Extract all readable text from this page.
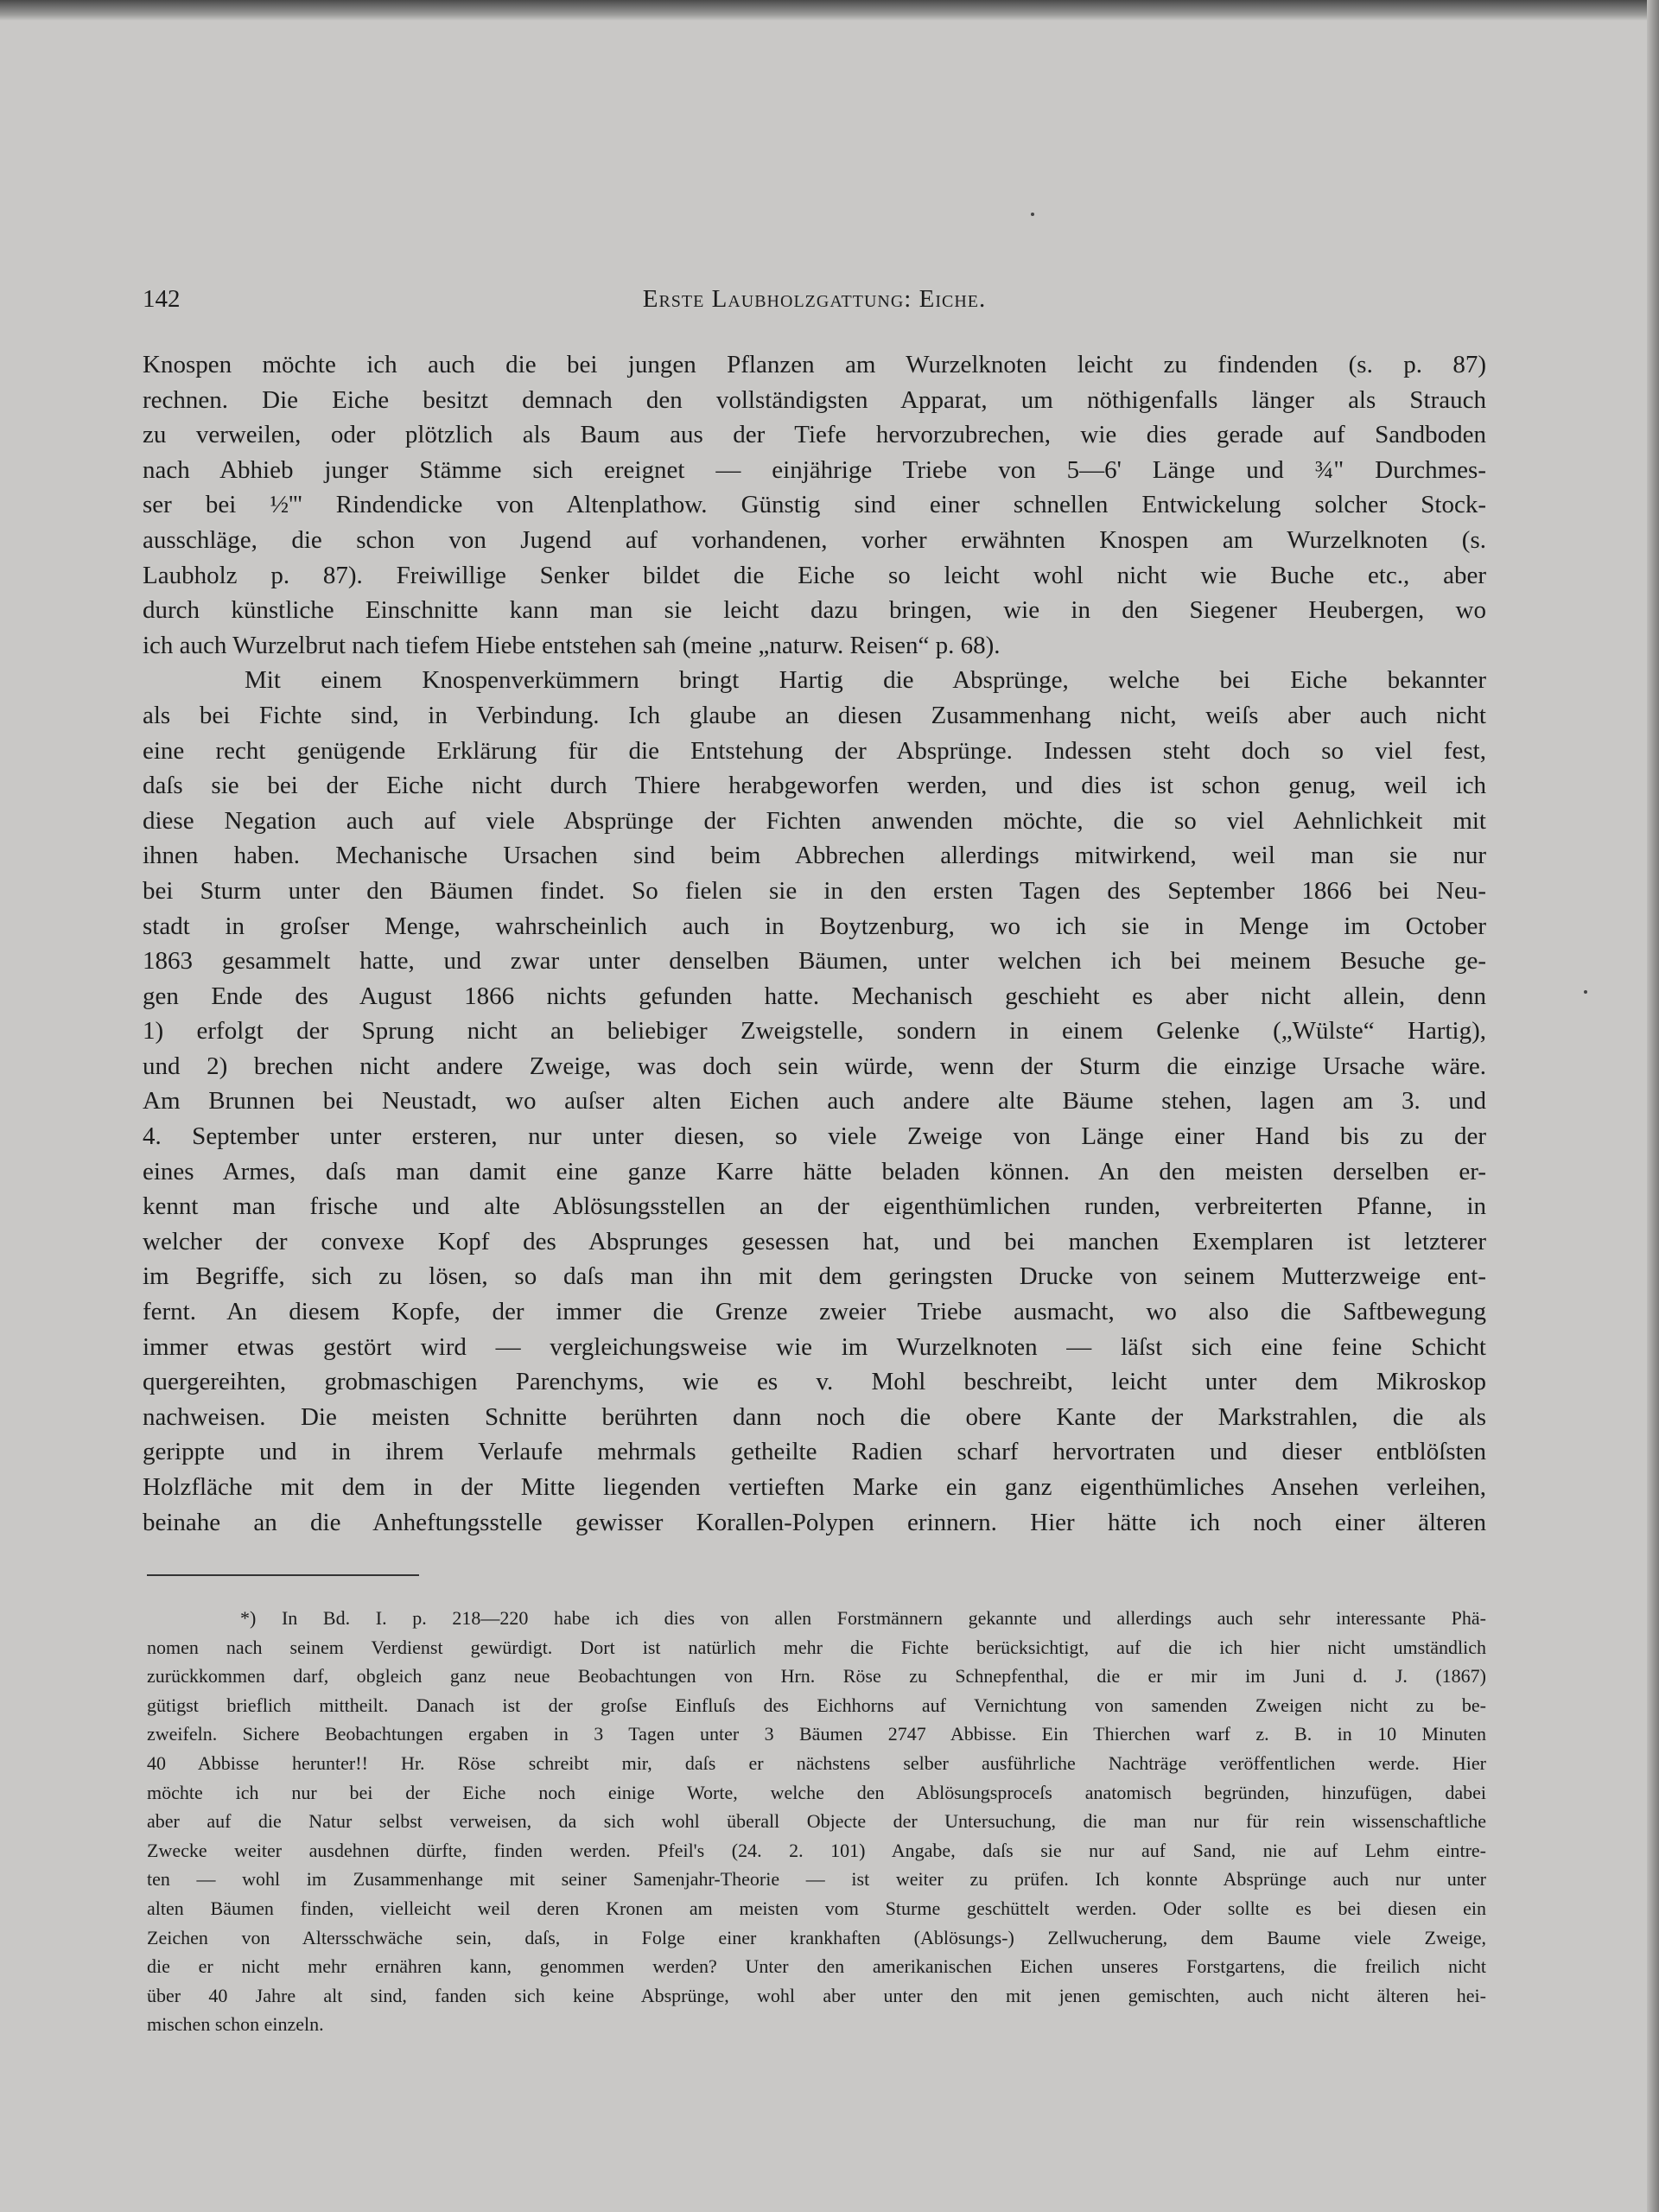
142	Erste Laubholzgattung: Eiche.
Knospen möchte ich auch die bei jungen Pflanzen am Wurzelknoten leicht zu findenden (s. p. 87)
rechnen. Die Eiche besitzt demnach den vollständigsten Apparat, um nöthigenfalls länger als Strauch
zu verweilen, oder plötzlich als Baum aus der Tiefe hervorzubrechen, wie dies gerade auf Sandboden
nach Abhieb junger Stämme sich ereignet — einjährige Triebe von 5—6' Länge und ¾" Durchmes-
ser bei ½''' Rindendicke von Altenplathow. Günstig sind einer schnellen Entwickelung solcher Stock-
ausschläge, die schon von Jugend auf vorhandenen, vorher erwähnten Knospen am Wurzelknoten (s.
Laubholz p. 87). Freiwillige Senker bildet die Eiche so leicht wohl nicht wie Buche etc., aber
durch künstliche Einschnitte kann man sie leicht dazu bringen, wie in den Siegener Heubergen, wo
ich auch Wurzelbrut nach tiefem Hiebe entstehen sah (meine „naturw. Reisen“ p. 68).
Mit einem Knospenverkümmern bringt Hartig die Absprünge, welche bei Eiche bekannter
als bei Fichte sind, in Verbindung. Ich glaube an diesen Zusammenhang nicht, weiſs aber auch nicht
eine recht genügende Erklärung für die Entstehung der Absprünge. Indessen steht doch so viel fest,
daſs sie bei der Eiche nicht durch Thiere herabgeworfen werden, und dies ist schon genug, weil ich
diese Negation auch auf viele Absprünge der Fichten anwenden möchte, die so viel Aehnlichkeit mit
ihnen haben. Mechanische Ursachen sind beim Abbrechen allerdings mitwirkend, weil man sie nur
bei Sturm unter den Bäumen findet. So fielen sie in den ersten Tagen des September 1866 bei Neu-
stadt in groſser Menge, wahrscheinlich auch in Boytzenburg, wo ich sie in Menge im October
1863 gesammelt hatte, und zwar unter denselben Bäumen, unter welchen ich bei meinem Besuche ge-
gen Ende des August 1866 nichts gefunden hatte. Mechanisch geschieht es aber nicht allein, denn
1) erfolgt der Sprung nicht an beliebiger Zweigstelle, sondern in einem Gelenke („Wülste“ Hartig),
und 2) brechen nicht andere Zweige, was doch sein würde, wenn der Sturm die einzige Ursache wäre.
Am Brunnen bei Neustadt, wo auſser alten Eichen auch andere alte Bäume stehen, lagen am 3. und
4. September unter ersteren, nur unter diesen, so viele Zweige von Länge einer Hand bis zu der
eines Armes, daſs man damit eine ganze Karre hätte beladen können. An den meisten derselben er-
kennt man frische und alte Ablösungsstellen an der eigenthümlichen runden, verbreiterten Pfanne, in
welcher der convexe Kopf des Absprunges gesessen hat, und bei manchen Exemplaren ist letzterer
im Begriffe, sich zu lösen, so daſs man ihn mit dem geringsten Drucke von seinem Mutterzweige ent-
fernt. An diesem Kopfe, der immer die Grenze zweier Triebe ausmacht, wo also die Saftbewegung
immer etwas gestört wird — vergleichungsweise wie im Wurzelknoten — läſst sich eine feine Schicht
quergereihten, grobmaschigen Parenchyms, wie es v. Mohl beschreibt, leicht unter dem Mikroskop
nachweisen. Die meisten Schnitte berührten dann noch die obere Kante der Markstrahlen, die als
gerippte und in ihrem Verlaufe mehrmals getheilte Radien scharf hervortraten und dieser entblöſsten
Holzfläche mit dem in der Mitte liegenden vertieften Marke ein ganz eigenthümliches Ansehen verleihen,
beinahe an die Anheftungsstelle gewisser Korallen-Polypen erinnern. Hier hätte ich noch einer älteren
*) In Bd. I. p. 218—220 habe ich dies von allen Forstmännern gekannte und allerdings auch sehr interessante Phä-
nomen nach seinem Verdienst gewürdigt. Dort ist natürlich mehr die Fichte berücksichtigt, auf die ich hier nicht umständlich
zurückkommen darf, obgleich ganz neue Beobachtungen von Hrn. Röse zu Schnepfenthal, die er mir im Juni d. J. (1867)
gütigst brieflich mittheilt. Danach ist der groſse Einfluſs des Eichhorns auf Vernichtung von samenden Zweigen nicht zu be-
zweifeln. Sichere Beobachtungen ergaben in 3 Tagen unter 3 Bäumen 2747 Abbisse. Ein Thierchen warf z. B. in 10 Minuten
40 Abbisse herunter!! Hr. Röse schreibt mir, daſs er nächstens selber ausführliche Nachträge veröffentlichen werde. Hier
möchte ich nur bei der Eiche noch einige Worte, welche den Ablösungsproceſs anatomisch begründen, hinzufügen, dabei
aber auf die Natur selbst verweisen, da sich wohl überall Objecte der Untersuchung, die man nur für rein wissenschaftliche
Zwecke weiter ausdehnen dürfte, finden werden. Pfeil's (24. 2. 101) Angabe, daſs sie nur auf Sand, nie auf Lehm eintre-
ten — wohl im Zusammenhange mit seiner Samenjahr-Theorie — ist weiter zu prüfen. Ich konnte Absprünge auch nur unter
alten Bäumen finden, vielleicht weil deren Kronen am meisten vom Sturme geschüttelt werden. Oder sollte es bei diesen ein
Zeichen von Altersschwäche sein, daſs, in Folge einer krankhaften (Ablösungs-) Zellwucherung, dem Baume viele Zweige,
die er nicht mehr ernähren kann, genommen werden? Unter den amerikanischen Eichen unseres Forstgartens, die freilich nicht
über 40 Jahre alt sind, fanden sich keine Absprünge, wohl aber unter den mit jenen gemischten, auch nicht älteren hei-
mischen schon einzeln.
